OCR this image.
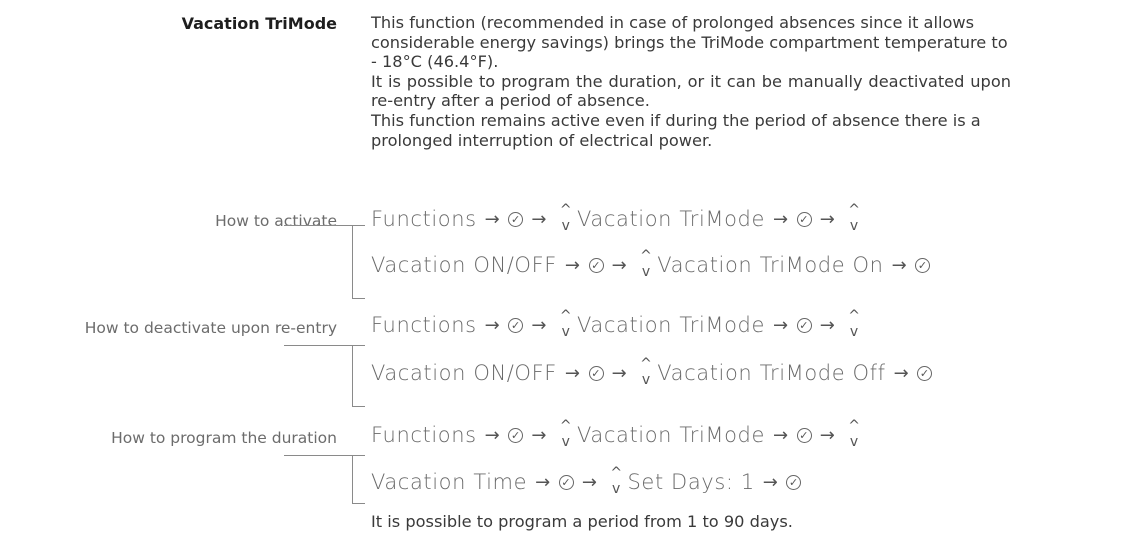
Vacation TriMode This function (recommended in case of prolonged absences since it allows considerable energy savings) brings the TriMode compartment temperature to - 18°C (46.4°F).

It is possible to program the duration, or it can be manually deactivated upon re-entry after a period of absence.

This function remains active even if during the period of absence there is a prolonged interruption of electrical power.

How to activate Functions → ✓ → ^
v Vacation TriMode → ✓ → ^
v
Vacation ON/OFF → ✓ → ^
v Vacation TriMode On → ✓
How to deactivate upon re-entry Functions → ✓ → ^
v Vacation TriMode → ✓ → ^
v
Vacation ON/OFF → ✓ → ^
v Vacation TriMode Off → ✓
How to program the duration Functions → ✓ → ^
v Vacation TriMode → ✓ → ^
v
Vacation Time → ✓ → ^
v Set Days: 1 → ✓
It is possible to program a period from 1 to 90 days.
